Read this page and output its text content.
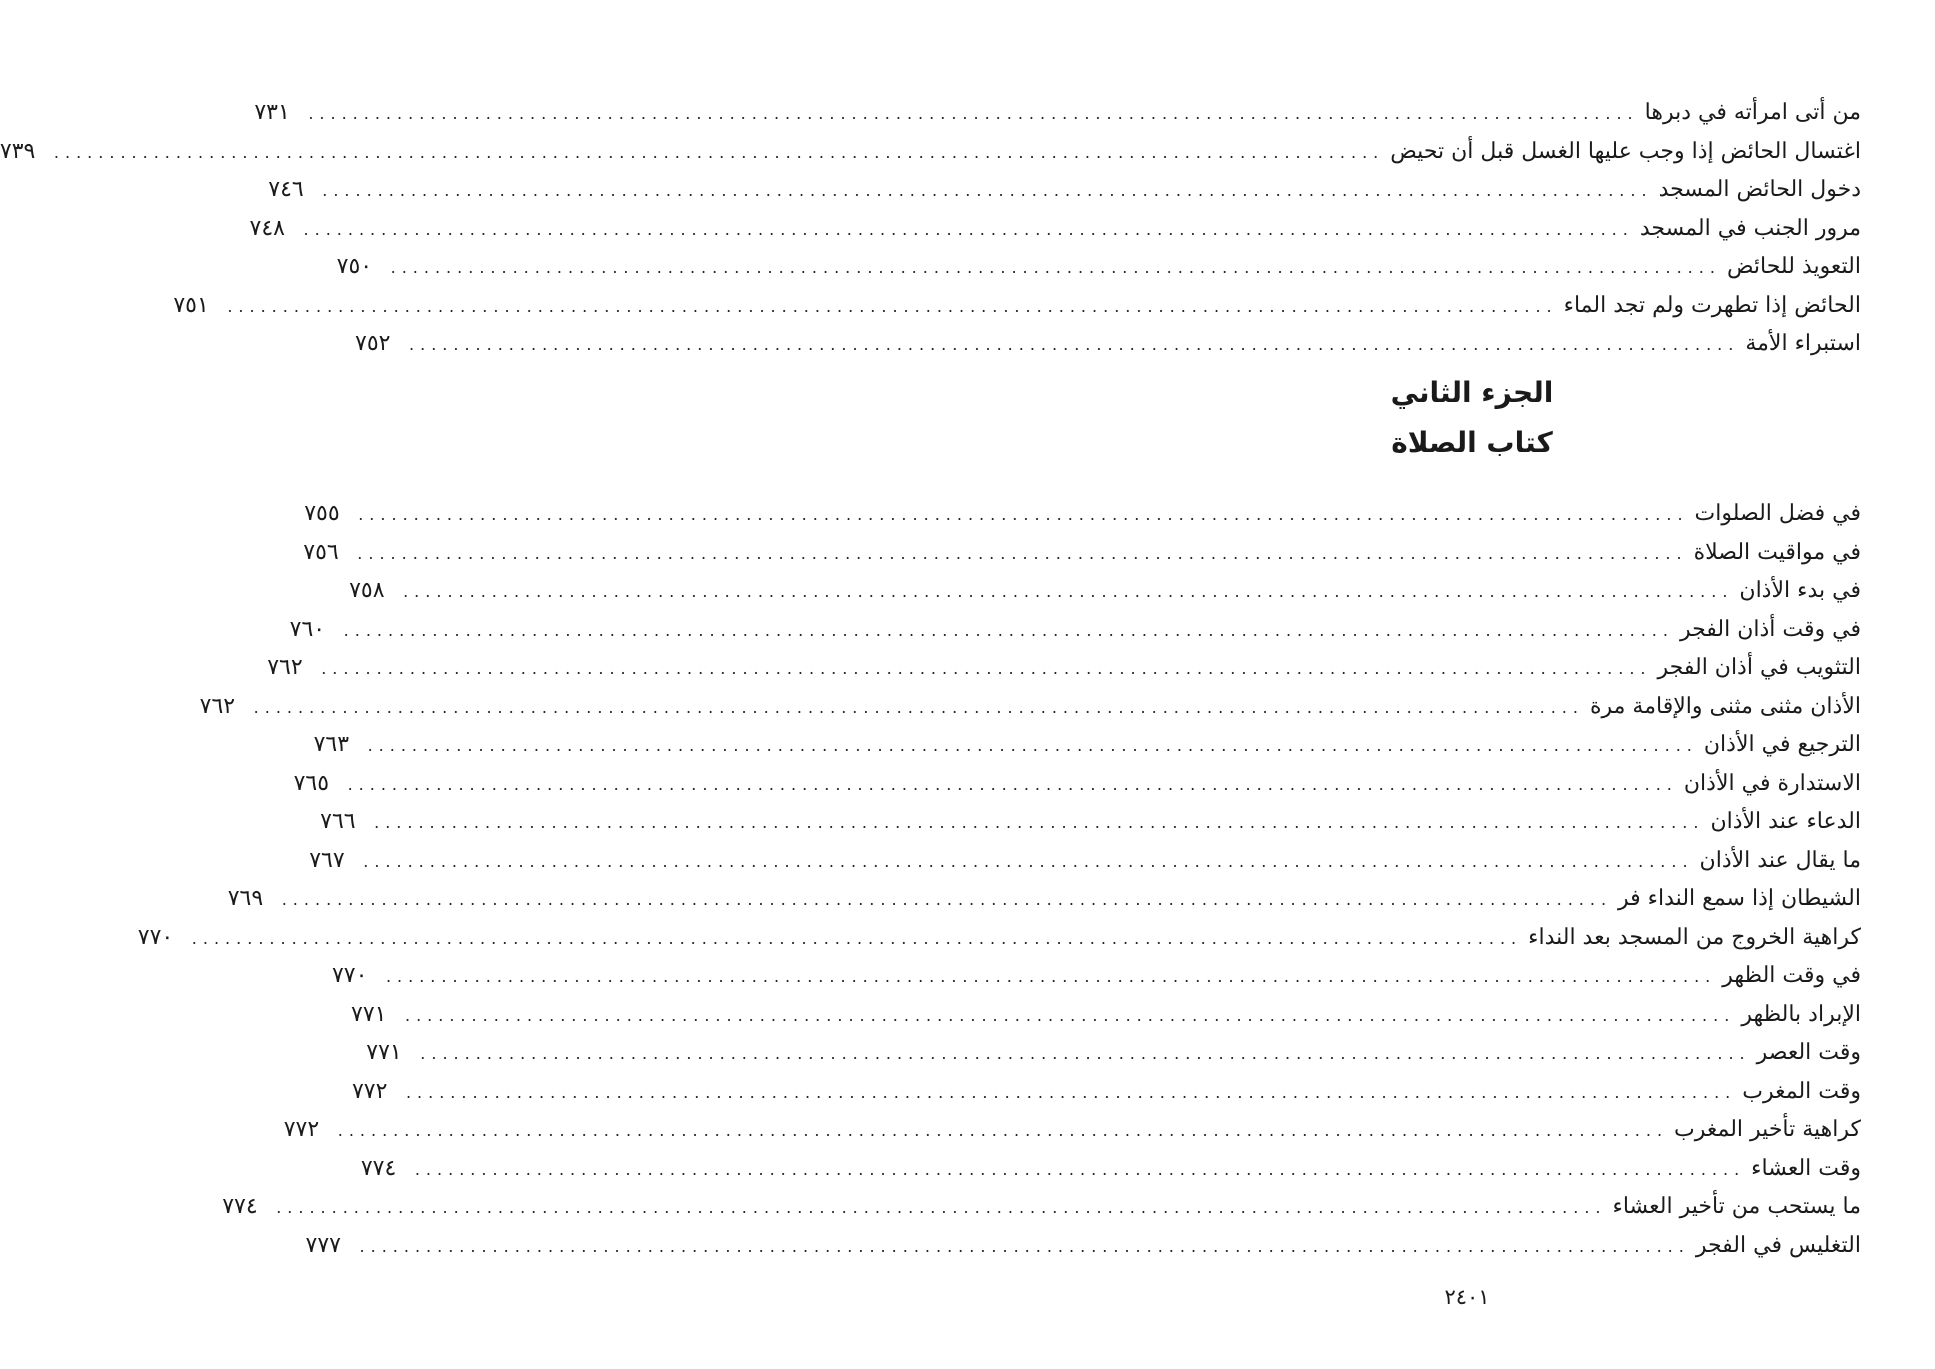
من أتى امرأته في دبرها
........................................................................................................................
٧٣١
اغتسال الحائض إذا وجب عليها الغسل قبل أن تحيض
........................................................................................................................
٧٣٩
دخول الحائض المسجد
........................................................................................................................
٧٤٦
مرور الجنب في المسجد
........................................................................................................................
٧٤٨
التعويذ للحائض
........................................................................................................................
٧٥٠
الحائض إذا تطهرت ولم تجد الماء
........................................................................................................................
٧٥١
استبراء الأمة
........................................................................................................................
٧٥٢
الجزء الثاني
كتاب الصلاة
في فضل الصلوات
........................................................................................................................
٧٥٥
في مواقيت الصلاة
........................................................................................................................
٧٥٦
في بدء الأذان
........................................................................................................................
٧٥٨
في وقت أذان الفجر
........................................................................................................................
٧٦٠
التثويب في أذان الفجر
........................................................................................................................
٧٦٢
الأذان مثنى مثنى والإقامة مرة
........................................................................................................................
٧٦٢
الترجيع في الأذان
........................................................................................................................
٧٦٣
الاستدارة في الأذان
........................................................................................................................
٧٦٥
الدعاء عند الأذان
........................................................................................................................
٧٦٦
ما يقال عند الأذان
........................................................................................................................
٧٦٧
الشيطان إذا سمع النداء فر
........................................................................................................................
٧٦٩
كراهية الخروج من المسجد بعد النداء
........................................................................................................................
٧٧٠
في وقت الظهر
........................................................................................................................
٧٧٠
الإبراد بالظهر
........................................................................................................................
٧٧١
وقت العصر
........................................................................................................................
٧٧١
وقت المغرب
........................................................................................................................
٧٧٢
كراهية تأخير المغرب
........................................................................................................................
٧٧٢
وقت العشاء
........................................................................................................................
٧٧٤
ما يستحب من تأخير العشاء
........................................................................................................................
٧٧٤
التغليس في الفجر
........................................................................................................................
٧٧٧
٢٤٠١
